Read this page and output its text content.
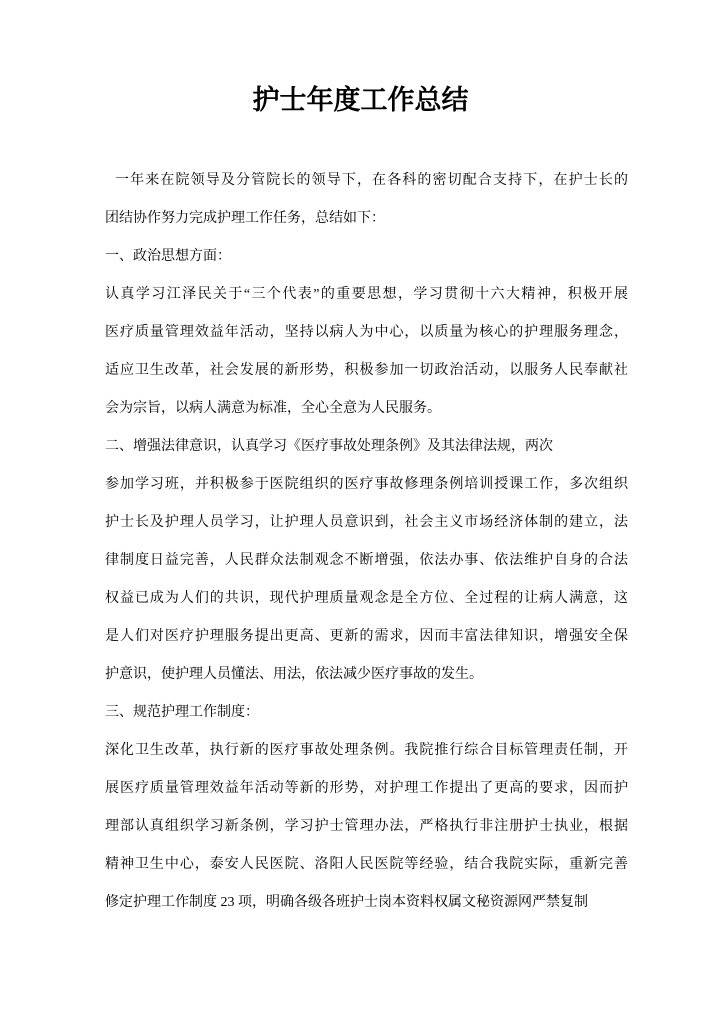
护士年度工作总结
一年来在院领导及分管院长的领导下，在各科的密切配合支持下，在护士长的
团结协作努力完成护理工作任务，总结如下：
一、政治思想方面：
认真学习江泽民关于“三个代表”的重要思想，学习贯彻十六大精神，积极开展
医疗质量管理效益年活动，坚持以病人为中心，以质量为核心的护理服务理念，
适应卫生改革，社会发展的新形势，积极参加一切政治活动，以服务人民奉献社
会为宗旨，以病人满意为标准，全心全意为人民服务。
二、增强法律意识，认真学习《医疗事故处理条例》及其法律法规，两次
参加学习班，并积极参于医院组织的医疗事故修理条例培训授课工作，多次组织
护士长及护理人员学习，让护理人员意识到，社会主义市场经济体制的建立，法
律制度日益完善，人民群众法制观念不断增强，依法办事、依法维护自身的合法
权益已成为人们的共识，现代护理质量观念是全方位、全过程的让病人满意，这
是人们对医疗护理服务提出更高、更新的需求，因而丰富法律知识，增强安全保
护意识，使护理人员懂法、用法，依法减少医疗事故的发生。
三、规范护理工作制度：
深化卫生改革，执行新的医疗事故处理条例。我院推行综合目标管理责任制，开
展医疗质量管理效益年活动等新的形势，对护理工作提出了更高的要求，因而护
理部认真组织学习新条例，学习护士管理办法，严格执行非注册护士执业，根据
精神卫生中心，泰安人民医院、洛阳人民医院等经验，结合我院实际，重新完善
修定护理工作制度 23 项，明确各级各班护士岗本资料权属文秘资源网严禁复制
